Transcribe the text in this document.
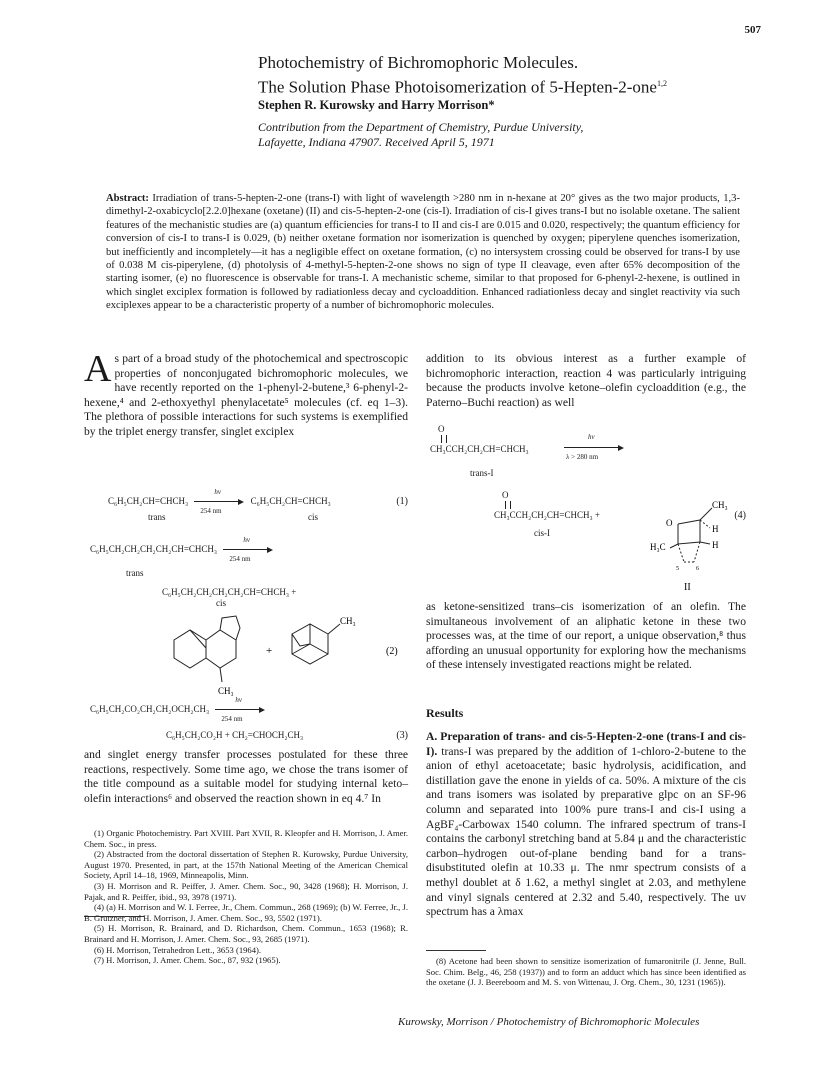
507
Photochemistry of Bichromophoric Molecules.
The Solution Phase Photoisomerization of 5-Hepten-2-one$^{1,2}$
Stephen R. Kurowsky and Harry Morrison*
Contribution from the Department of Chemistry, Purdue University,
Lafayette, Indiana 47907. Received April 5, 1971
Abstract: Irradiation of trans-5-hepten-2-one (trans-I) with light of wavelength >280 nm in n-hexane at 20° gives as the two major products, 1,3-dimethyl-2-oxabicyclo[2.2.0]hexane (oxetane) (II) and cis-5-hepten-2-one (cis-I). Irradiation of cis-I gives trans-I but no isolable oxetane. The salient features of the mechanistic studies are (a) quantum efficiencies for trans-I to II and cis-I are 0.015 and 0.020, respectively; the quantum efficiency for conversion of cis-I to trans-I is 0.029, (b) neither oxetane formation nor isomerization is quenched by oxygen; piperylene quenches isomerization, but inefficiently and incompletely—it has a negligible effect on oxetane formation, (c) no intersystem crossing could be observed for trans-I by use of 0.038 M cis-piperylene, (d) photolysis of 4-methyl-5-hepten-2-one shows no sign of type II cleavage, even after 65% decomposition of the starting isomer, (e) no fluorescence is observable for trans-I. A mechanistic scheme, similar to that proposed for 6-phenyl-2-hexene, is outlined in which singlet exciplex formation is followed by radiationless decay and cycloaddition. Enhanced radiationless decay and singlet reactivity via such exciplexes appear to be a characteristic property of a number of bichromophoric molecules.
As part of a broad study of the photochemical and spectroscopic properties of nonconjugated bichromophoric molecules, we have recently reported on the 1-phenyl-2-butene,³ 6-phenyl-2-hexene,⁴ and 2-ethoxyethyl phenylacetate⁵ molecules (cf. eq 1–3). The plethora of possible interactions for such systems is exemplified by the triplet energy transfer, singlet exciplex
C₆H₅CH₂CH=CHCH₃ $\frac{h\nu}{254 nm}$ C₆H₅CH₂CH=CHCH₃	(1)
trans	cis
C₆H₅CH₂CH₂CH₂CH₂CH=CHCH₃ $\frac{h\nu}{254 nm}$
trans
C₆H₅CH₂CH₂CH₂CH₂CH=CHCH₃ +
cis
CH₃
+
CH₃
(2)
$C_6H_5CH_2CO_2CH_2CH_2OCH_2CH_3 \frac{h\nu}{254 nm}$
C₆H₅CH₂CO₂H + CH₂=CHOCH₂CH₃	(3)
and singlet energy transfer processes postulated for these three reactions, respectively. Some time ago, we chose the trans isomer of the title compound as a suitable model for studying internal keto–olefin interactions⁶ and observed the reaction shown in eq 4.⁷ In

(1) Organic Photochemistry. Part XVIII. Part XVII, R. Kleopfer and H. Morrison, J. Amer. Chem. Soc., in press.

(2) Abstracted from the doctoral dissertation of Stephen R. Kurowsky, Purdue University, August 1970. Presented, in part, at the 157th National Meeting of the American Chemical Society, April 14–18, 1969, Minneapolis, Minn.

(3) H. Morrison and R. Peiffer, J. Amer. Chem. Soc., 90, 3428 (1968); H. Morrison, J. Pajak, and R. Peiffer, ibid., 93, 3978 (1971).

(4) (a) H. Morrison and W. I. Ferree, Jr., Chem. Commun., 268 (1969); (b) W. Ferree, Jr., J. B. Grutzner, and H. Morrison, J. Amer. Chem. Soc., 93, 5502 (1971).

(5) H. Morrison, R. Brainard, and D. Richardson, Chem. Commun., 1653 (1968); R. Brainard and H. Morrison, J. Amer. Chem. Soc., 93, 2685 (1971).

(6) H. Morrison, Tetrahedron Lett., 3653 (1964).

(7) H. Morrison, J. Amer. Chem. Soc., 87, 932 (1965).

addition to its obvious interest as a further example of bichromophoric interaction, reaction 4 was particularly intriguing because the products involve ketone–olefin cycloaddition (e.g., the Paterno–Buchi reaction) as well
O
CH₃CCH₂CH₂CH=CHCH₃
hν
λ > 280 nm
trans-I
O
CH₃CCH₂CH₂CH=CHCH₃ +
cis-I
(4)
O
CH₃
H
H
H₃C
5	6
II
as ketone-sensitized trans–cis isomerization of an olefin. The simultaneous involvement of an aliphatic ketone in these two processes was, at the time of our report, a unique observation,⁸ thus affording an unusual opportunity for exploring how the mechanisms of these intensely investigated reactions might be related.
Results
A. Preparation of trans- and cis-5-Hepten-2-one (trans-I and cis-I). trans-I was prepared by the addition of 1-chloro-2-butene to the anion of ethyl acetoacetate; basic hydrolysis, acidification, and distillation gave the enone in yields of ca. 50%. A mixture of the cis and trans isomers was isolated by preparative glpc on an SF-96 column and separated into 100% pure trans-I and cis-I using a AgBF₄-Carbowax 1540 column. The infrared spectrum of trans-I contains the carbonyl stretching band at 5.84 μ and the characteristic carbon–hydrogen out-of-plane bending band for a trans-disubstituted olefin at 10.33 μ. The nmr spectrum consists of a methyl doublet at δ 1.62, a methyl singlet at 2.03, and methylene and vinyl signals centered at 2.32 and 5.40, respectively. The uv spectrum has a λmax

(8) Acetone had been shown to sensitize isomerization of fumaronitrile (J. Jenne, Bull. Soc. Chim. Belg., 46, 258 (1937)) and to form an adduct which has since been identified as the oxetane (J. J. Beereboom and M. S. von Wittenau, J. Org. Chem., 30, 1231 (1965)).

Kurowsky, Morrison / Photochemistry of Bichromophoric Molecules
